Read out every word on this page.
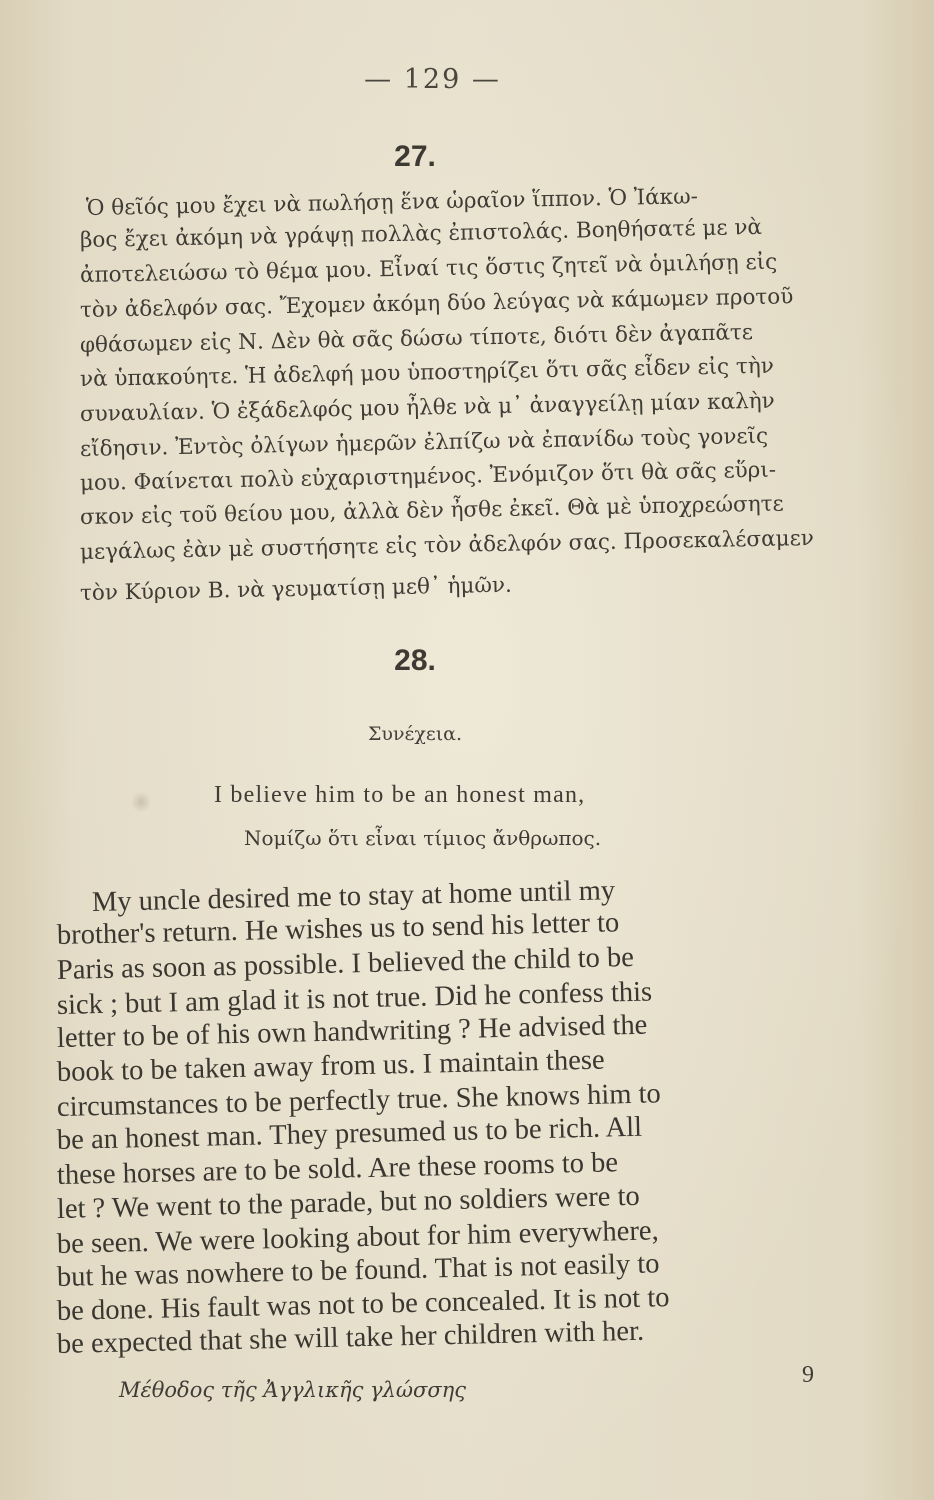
— 129 —
27.
Ὁ θεῖός μου ἔχει νὰ πωλήσῃ ἕνα ὡραῖον ἵππον. Ὁ Ἰάκω-
βος ἔχει ἀκόμη νὰ γράψῃ πολλὰς ἐπιστολάς. Βοηθήσατέ με νὰ
ἀποτελειώσω τὸ θέμα μου. Εἶναί τις ὅστις ζητεῖ νὰ ὁμιλήσῃ εἰς
τὸν ἀδελφόν σας. Ἔχομεν ἀκόμη δύο λεύγας νὰ κάμωμεν προτοῦ
φθάσωμεν εἰς Ν. Δὲν θὰ σᾶς δώσω τίποτε, διότι δὲν ἀγαπᾶτε
νὰ ὑπακούητε. Ἡ ἀδελφή μου ὑποστηρίζει ὅτι σᾶς εἶδεν εἰς τὴν
συναυλίαν. Ὁ ἐξάδελφός μου ἦλθε νὰ μ᾽ ἀναγγείλῃ μίαν καλὴν
εἴδησιν. Ἐντὸς ὀλίγων ἡμερῶν ἐλπίζω νὰ ἐπανίδω τοὺς γονεῖς
μου. Φαίνεται πολὺ εὐχαριστημένος. Ἐνόμιζον ὅτι θὰ σᾶς εὕρι-
σκον εἰς τοῦ θείου μου, ἀλλὰ δὲν ἦσθε ἐκεῖ. Θὰ μὲ ὑποχρεώσητε
μεγάλως ἐὰν μὲ συστήσητε εἰς τὸν ἀδελφόν σας. Προσεκαλέσαμεν
τὸν Κύριον Β. νὰ γευματίσῃ μεθ᾽ ἡμῶν.
28.
Συνέχεια.
I believe him to be an honest man,
Νομίζω ὅτι εἶναι τίμιος ἄνθρωπος.
My uncle desired me to stay at home until my
brother's return. He wishes us to send his letter to
Paris as soon as possible. I believed the child to be
sick ; but I am glad it is not true. Did he confess this
letter to be of his own handwriting ? He advised the
book to be taken away from us. I maintain these
circumstances to be perfectly true. She knows him to
be an honest man. They presumed us to be rich. All
these horses are to be sold. Are these rooms to be
let ? We went to the parade, but no soldiers were to
be seen. We were looking about for him everywhere,
but he was nowhere to be found. That is not easily to
be done. His fault was not to be concealed. It is not to
be expected that she will take her children with her.
Μέθοδος τῆς Ἀγγλικῆς γλώσσης
9
